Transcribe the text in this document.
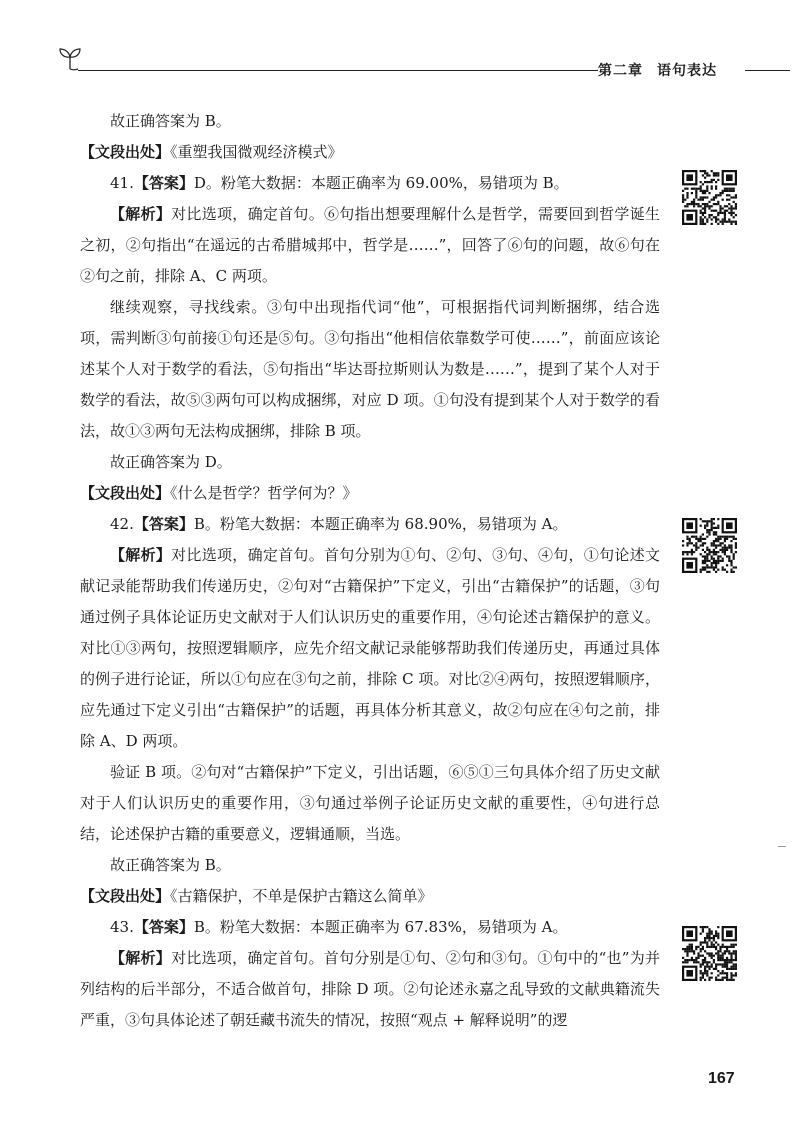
第二章 语句表达

故正确答案为 B。

【文段出处】《重塑我国微观经济模式》

41.【答案】D。粉笔大数据：本题正确率为 69.00%，易错项为 B。

【解析】对比选项，确定首句。⑥句指出想要理解什么是哲学，需要回到哲学诞生之初，②句指出“在遥远的古希腊城邦中，哲学是……”，回答了⑥句的问题，故⑥句在②句之前，排除 A、C 两项。

继续观察，寻找线索。③句中出现指代词“他”，可根据指代词判断捆绑，结合选项，需判断③句前接①句还是⑤句。③句指出“他相信依靠数学可使……”，前面应该论述某个人对于数学的看法，⑤句指出“毕达哥拉斯则认为数是……”，提到了某个人对于数学的看法，故⑤③两句可以构成捆绑，对应 D 项。①句没有提到某个人对于数学的看法，故①③两句无法构成捆绑，排除 B 项。

故正确答案为 D。

【文段出处】《什么是哲学？哲学何为？》

42.【答案】B。粉笔大数据：本题正确率为 68.90%，易错项为 A。

【解析】对比选项，确定首句。首句分别为①句、②句、③句、④句，①句论述文献记录能帮助我们传递历史，②句对“古籍保护”下定义，引出“古籍保护”的话题，③句通过例子具体论证历史文献对于人们认识历史的重要作用，④句论述古籍保护的意义。对比①③两句，按照逻辑顺序，应先介绍文献记录能够帮助我们传递历史，再通过具体的例子进行论证，所以①句应在③句之前，排除 C 项。对比②④两句，按照逻辑顺序，应先通过下定义引出“古籍保护”的话题，再具体分析其意义，故②句应在④句之前，排除 A、D 两项。

验证 B 项。②句对“古籍保护”下定义，引出话题，⑥⑤①三句具体介绍了历史文献对于人们认识历史的重要作用，③句通过举例子论证历史文献的重要性，④句进行总结，论述保护古籍的重要意义，逻辑通顺，当选。

故正确答案为 B。

【文段出处】《古籍保护，不单是保护古籍这么简单》

43.【答案】B。粉笔大数据：本题正确率为 67.83%，易错项为 A。

【解析】对比选项，确定首句。首句分别是①句、②句和③句。①句中的“也”为并列结构的后半部分，不适合做首句，排除 D 项。②句论述永嘉之乱导致的文献典籍流失严重，③句具体论述了朝廷藏书流失的情况，按照“观点 + 解释说明”的逻

167
